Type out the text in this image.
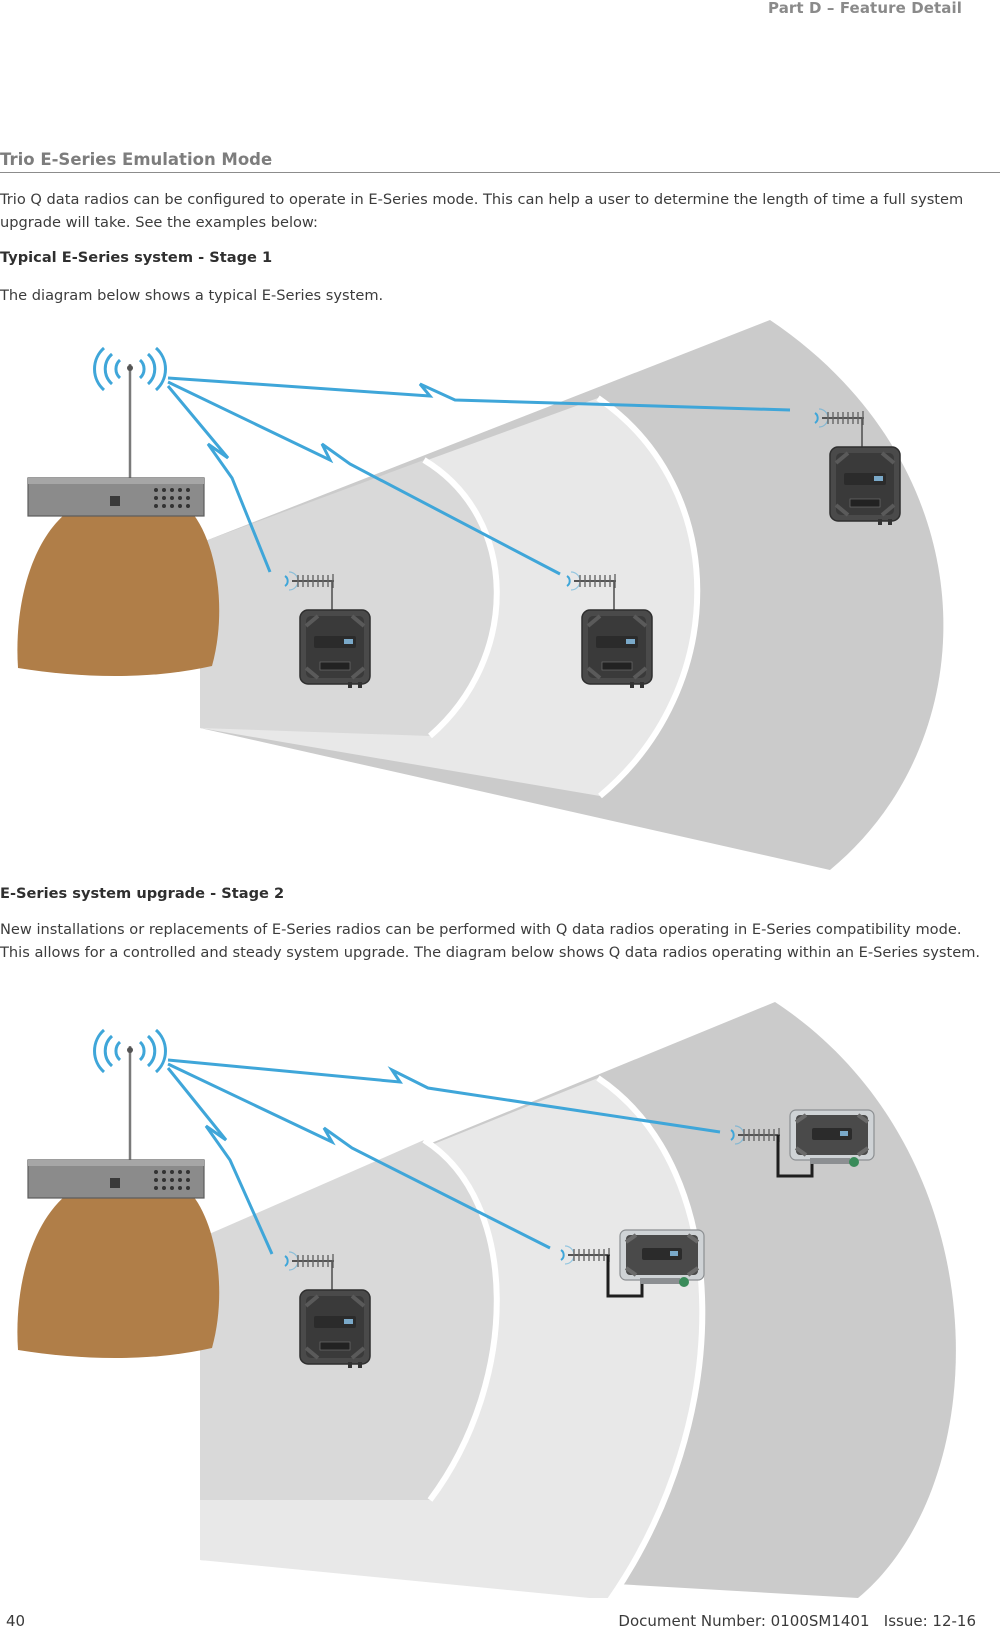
Part D – Feature Detail
Trio E-Series Emulation Mode

Trio Q data radios can be configured to operate in E-Series mode. This can help a user to determine the length of time a full system upgrade will take. See the examples below:

Typical E-Series system - Stage 1

The diagram below shows a typical E-Series system.

E-Series system upgrade - Stage 2

New installations or replacements of E-Series radios can be performed with Q data radios operating in E-Series compatibility mode. This allows for a controlled and steady system upgrade. The diagram below shows Q data radios operating within an E-Series system.

40	Document Number: 0100SM1401   Issue: 12-16
